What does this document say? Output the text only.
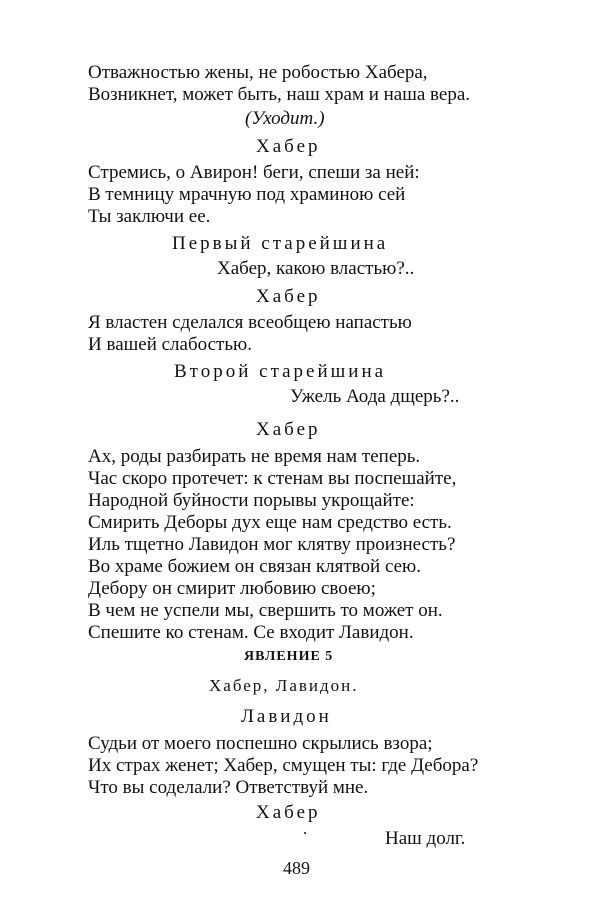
Отважностью жены, не робостью Хабера,
Возникнет, может быть, наш храм и наша вера.
(Уходит.)
Хабер
Стремись, о Авирон! беги, спеши за ней:
В темницу мрачную под храминою сей
Ты заключи ее.
Первый старейшина
Хабер, какою властью?..
Хабер
Я властен сделался всеобщею напастью
И вашей слабостью.
Второй старейшина
Ужель Аода дщерь?..
Хабер
Ах, роды разбирать не время нам теперь.
Час скоро протечет: к стенам вы поспешайте,
Народной буйности порывы укрощайте:
Смирить Деборы дух еще нам средство есть.
Иль тщетно Лавидон мог клятву произнесть?
Во храме божием он связан клятвой сею.
Дебору он смирит любовию своею;
В чем не успели мы, свершить то может он.
Спешите ко стенам. Се входит Лавидон.
ЯВЛЕНИЕ 5
Хабер, Лавидон.
Лавидон
Судьи от моего поспешно скрылись взора;
Их страх женет; Хабер, смущен ты: где Дебора?
Что вы соделали? Ответствуй мне.
Хабер
Наш долг.
489
